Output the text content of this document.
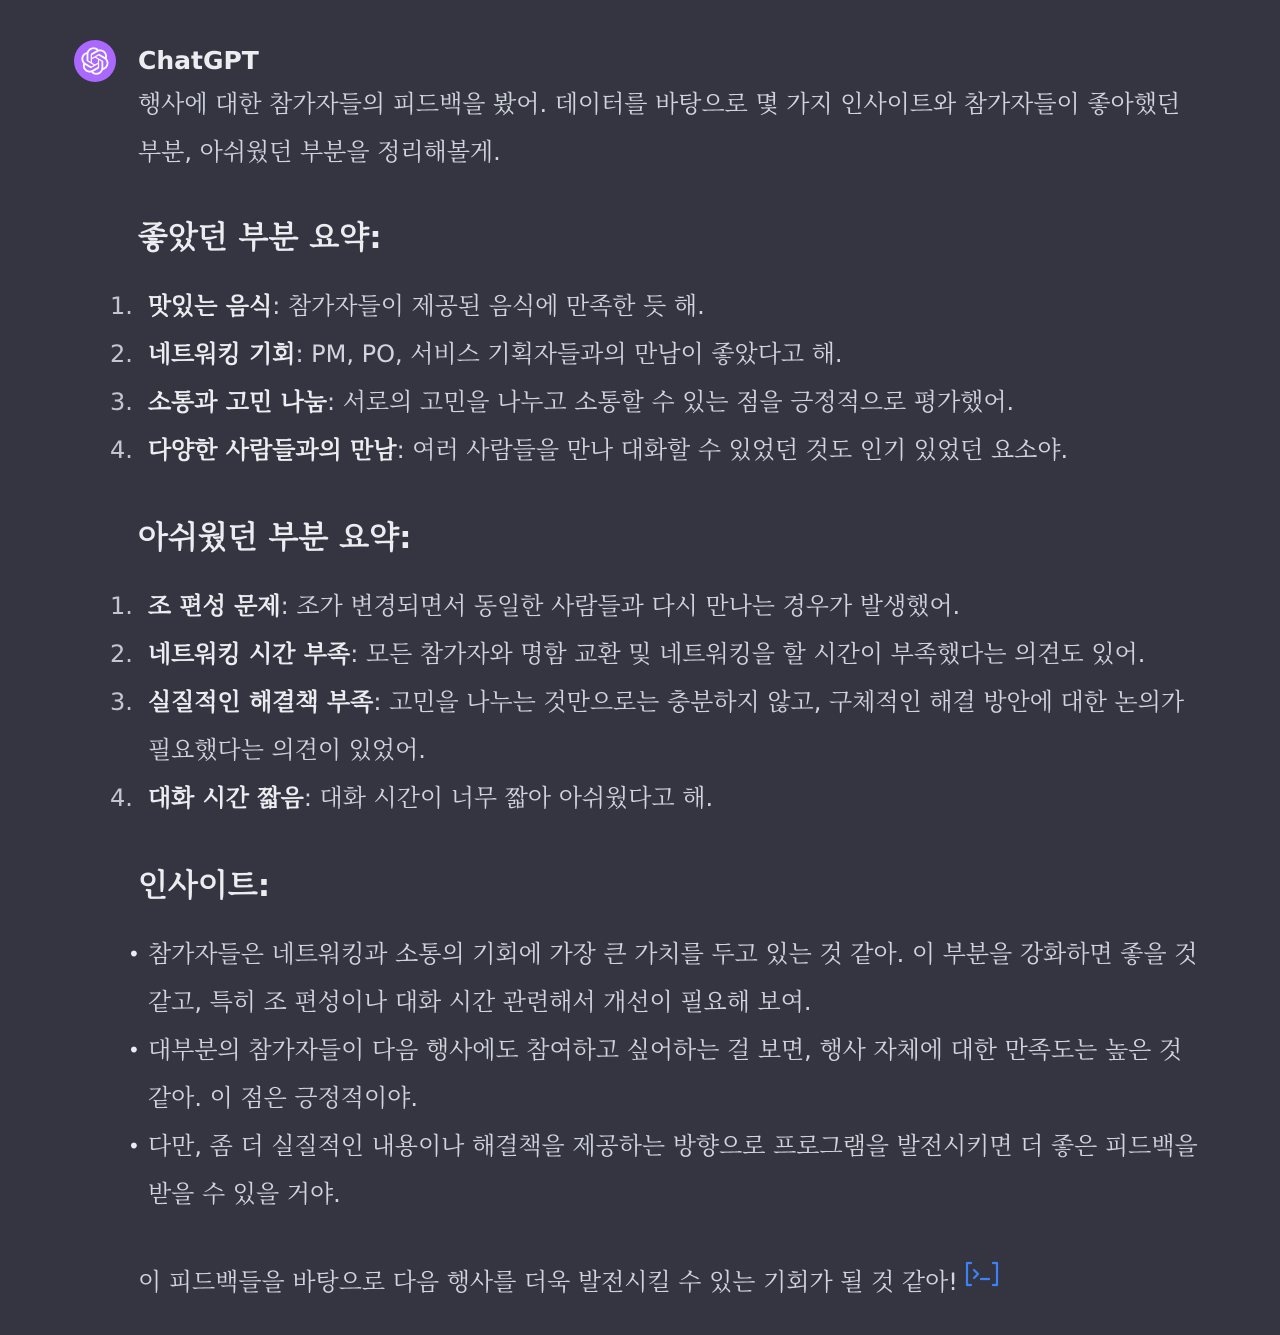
ChatGPT

행사에 대한 참가자들의 피드백을 봤어. 데이터를 바탕으로 몇 가지 인사이트와 참가자들이 좋아했던 부분, 아쉬웠던 부분을 정리해볼게.

좋았던 부분 요약:
1. 맛있는 음식: 참가자들이 제공된 음식에 만족한 듯 해.
2. 네트워킹 기회: PM, PO, 서비스 기획자들과의 만남이 좋았다고 해.
3. 소통과 고민 나눔: 서로의 고민을 나누고 소통할 수 있는 점을 긍정적으로 평가했어.
4. 다양한 사람들과의 만남: 여러 사람들을 만나 대화할 수 있었던 것도 인기 있었던 요소야.
아쉬웠던 부분 요약:
1. 조 편성 문제: 조가 변경되면서 동일한 사람들과 다시 만나는 경우가 발생했어.
2. 네트워킹 시간 부족: 모든 참가자와 명함 교환 및 네트워킹을 할 시간이 부족했다는 의견도 있어.
3. 실질적인 해결책 부족: 고민을 나누는 것만으로는 충분하지 않고, 구체적인 해결 방안에 대한 논의가 필요했다는 의견이 있었어.
4. 대화 시간 짧음: 대화 시간이 너무 짧아 아쉬웠다고 해.
인사이트:
• 참가자들은 네트워킹과 소통의 기회에 가장 큰 가치를 두고 있는 것 같아. 이 부분을 강화하면 좋을 것 같고, 특히 조 편성이나 대화 시간 관련해서 개선이 필요해 보여.
• 대부분의 참가자들이 다음 행사에도 참여하고 싶어하는 걸 보면, 행사 자체에 대한 만족도는 높은 것 같아. 이 점은 긍정적이야.
• 다만, 좀 더 실질적인 내용이나 해결책을 제공하는 방향으로 프로그램을 발전시키면 더 좋은 피드백을 받을 수 있을 거야.

이 피드백들을 바탕으로 다음 행사를 더욱 발전시킬 수 있는 기회가 될 것 같아!
